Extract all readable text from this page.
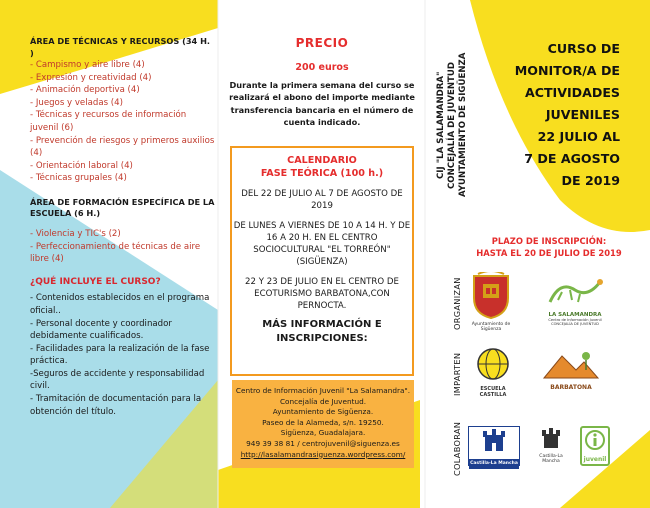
ÁREA DE TÉCNICAS Y RECURSOS (34 H. )
- Campismo y aire libre (4)
- Expresión y creatividad (4)
- Animación deportiva (4)
- Juegos y veladas (4)
- Técnicas y recursos de información juvenil (6)
- Prevención de riesgos y primeros auxilios (4)
- Orientación laboral (4)
- Técnicas grupales (4)
ÁREA DE FORMACIÓN ESPECÍFICA DE LA ESCUELA (6 H.)
- Violencia y TIC's (2)
- Perfeccionamiento de técnicas de aire libre (4)
¿QUÉ INCLUYE EL CURSO?
- Contenidos establecidos en el programa oficial..
- Personal docente y coordinador debidamente cualificados.
- Facilidades para la realización de la fase práctica.
-Seguros de accidente y responsabilidad civil.
- Tramitación de documentación para la obtención del título.
PRECIO
200 euros
Durante la primera semana del curso se realizará el abono del importe mediante transferencia bancaria en el número de cuenta indicado.
CALENDARIO
FASE TEÓRICA (100 h.)
DEL 22 DE JULIO AL 7 DE AGOSTO DE 2019
DE LUNES A VIERNES DE 10 A 14 H. Y DE 16 A 20 H. EN EL CENTRO SOCIOCULTURAL "EL TORREÓN" (SIGÜENZA)
22 Y 23 DE JULIO EN EL CENTRO DE ECOTURISMO BARBATONA,CON PERNOCTA.
MÁS INFORMACIÓN E INSCRIPCIONES:
Centro de Información Juvenil "La Salamandra".
Concejalía de Juventud.
Ayuntamiento de Sigüenza.
Paseo de la Alameda, s/n. 19250.
Sigüenza, Guadalajara.
949 39 38 81 / centrojuvenil@siguenza.es
http://lasalamandrasiguenza.wordpress.com/
CIJ "LA SALAMANDRA" CONCEJALÍA DE JUVENTUD AYUNTAMIENTO DE SIGÜENZA
CURSO DE
MONITOR/A DE
ACTIVIDADES
JUVENILES
22 JULIO AL
7 DE AGOSTO
DE 2019
PLAZO DE INSCRIPCIÓN:
HASTA EL 20 DE JULIO DE 2019
ORGANIZAN
IMPARTEN
COLABORAN
Ayuntamiento de Sigüenza
LA SALAMANDRA
Centro de Información Juvenil CONCEJALÍA DE JUVENTUD
ESCUELA CASTILLA
BARBATONA
Castilla-La Mancha
Castilla-La Mancha	juvenil
